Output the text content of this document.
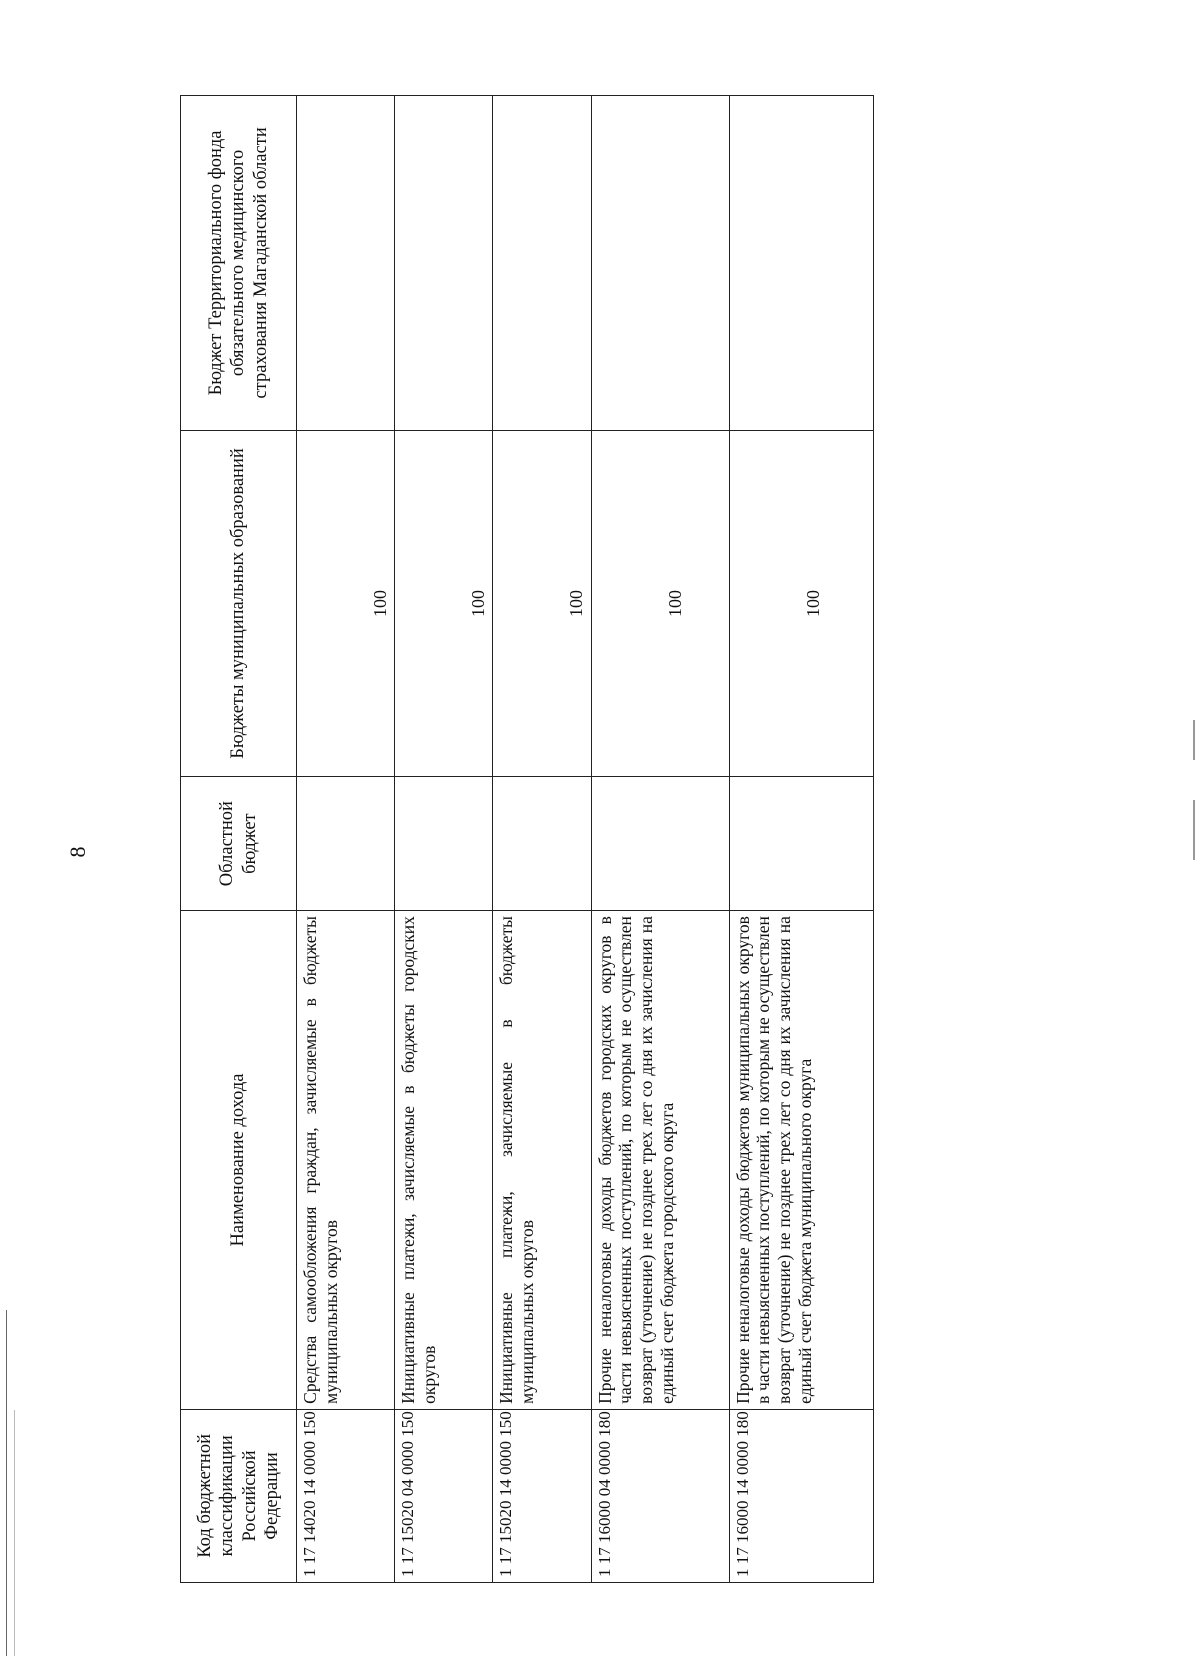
8
Код бюджетной классификации Российской Федерации	Наименование дохода	Областной бюджет	Бюджеты муниципальных образований	Бюджет Территориального фонда обязательного медицинского страхования Магаданской области
1 17 14020 14 0000 150	Средства самообложения граждан, зачисляемые в бюджеты муниципальных округов		100	
1 17 15020 04 0000 150	Инициативные платежи, зачисляемые в бюджеты городских округов		100	
1 17 15020 14 0000 150	Инициативные платежи, зачисляемые в бюджеты муниципальных округов		100	
1 17 16000 04 0000 180	Прочие неналоговые доходы бюджетов городских округов в части невыясненных поступлений, по которым не осуществлен возврат (уточнение) не позднее трех лет со дня их зачисления на единый счет бюджета городского округа		100	
1 17 16000 14 0000 180	Прочие неналоговые доходы бюджетов муниципальных округов в части невыясненных поступлений, по которым не осуществлен возврат (уточнение) не позднее трех лет со дня их зачисления на единый счет бюджета муниципального округа		100	
